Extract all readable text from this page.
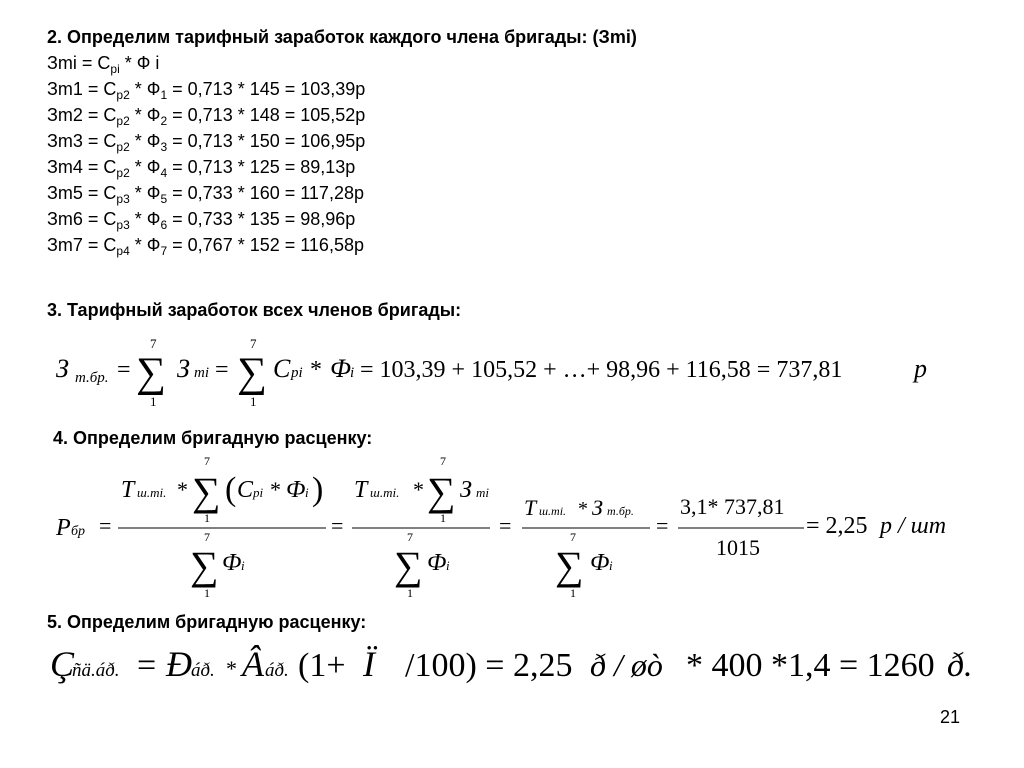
2. Определим тарифный заработок каждого члена бригады: (Зmi)
Зmi = $С_{pi}$ * Ф i
$Зm1 = С_{p2} * Ф_1 = 0,713 * 145 = 103,39р$
$Зm2 = С_{p2} * Ф_2 = 0,713 * 148 = 105,52р$
$Зm3 = С_{p2} * Ф_3 = 0,713 * 150 = 106,95р$
$Зm4 = С_{p2} * Ф_4 = 0,713 * 125 = 89,13р$
$Зm5 = С_{p3} * Ф_5 = 0,733 * 160 = 117,28р$
$Зm6 = С_{p3} * Ф_6 = 0,733 * 135 = 98,96р$
$Зm7 = С_{p4} * Ф_7 = 0,767 * 152 = 116,58р$
3. Тарифный заработок всех членов бригады:
З т.бр. =
7
∑
1
З mi =
7
∑
1
С pi * Ф i = 103,39 + 105,52 + …+ 98,96 + 116,58 = 737,81	р
Р бр =
Т ш.тi. *
7
∑
1
( С pi * Ф i )
7
∑
1
Ф i
=
Т ш.тi. *
7
∑
1
З mi
7
∑
1
Ф i
=
Т ш.тi. * З т.бр.
7
∑
1
Ф i
=
3,1* 737,81
1015
= 2,25 р / шт
Ç
ñä.áð. = Ð áð. * Â áð. (1+ Ï /100) = 2,25 ð / øò * 400 *1,4 = 1260 ð.
4. Определим бригадную расценку:
5. Определим бригадную расценку:
21
